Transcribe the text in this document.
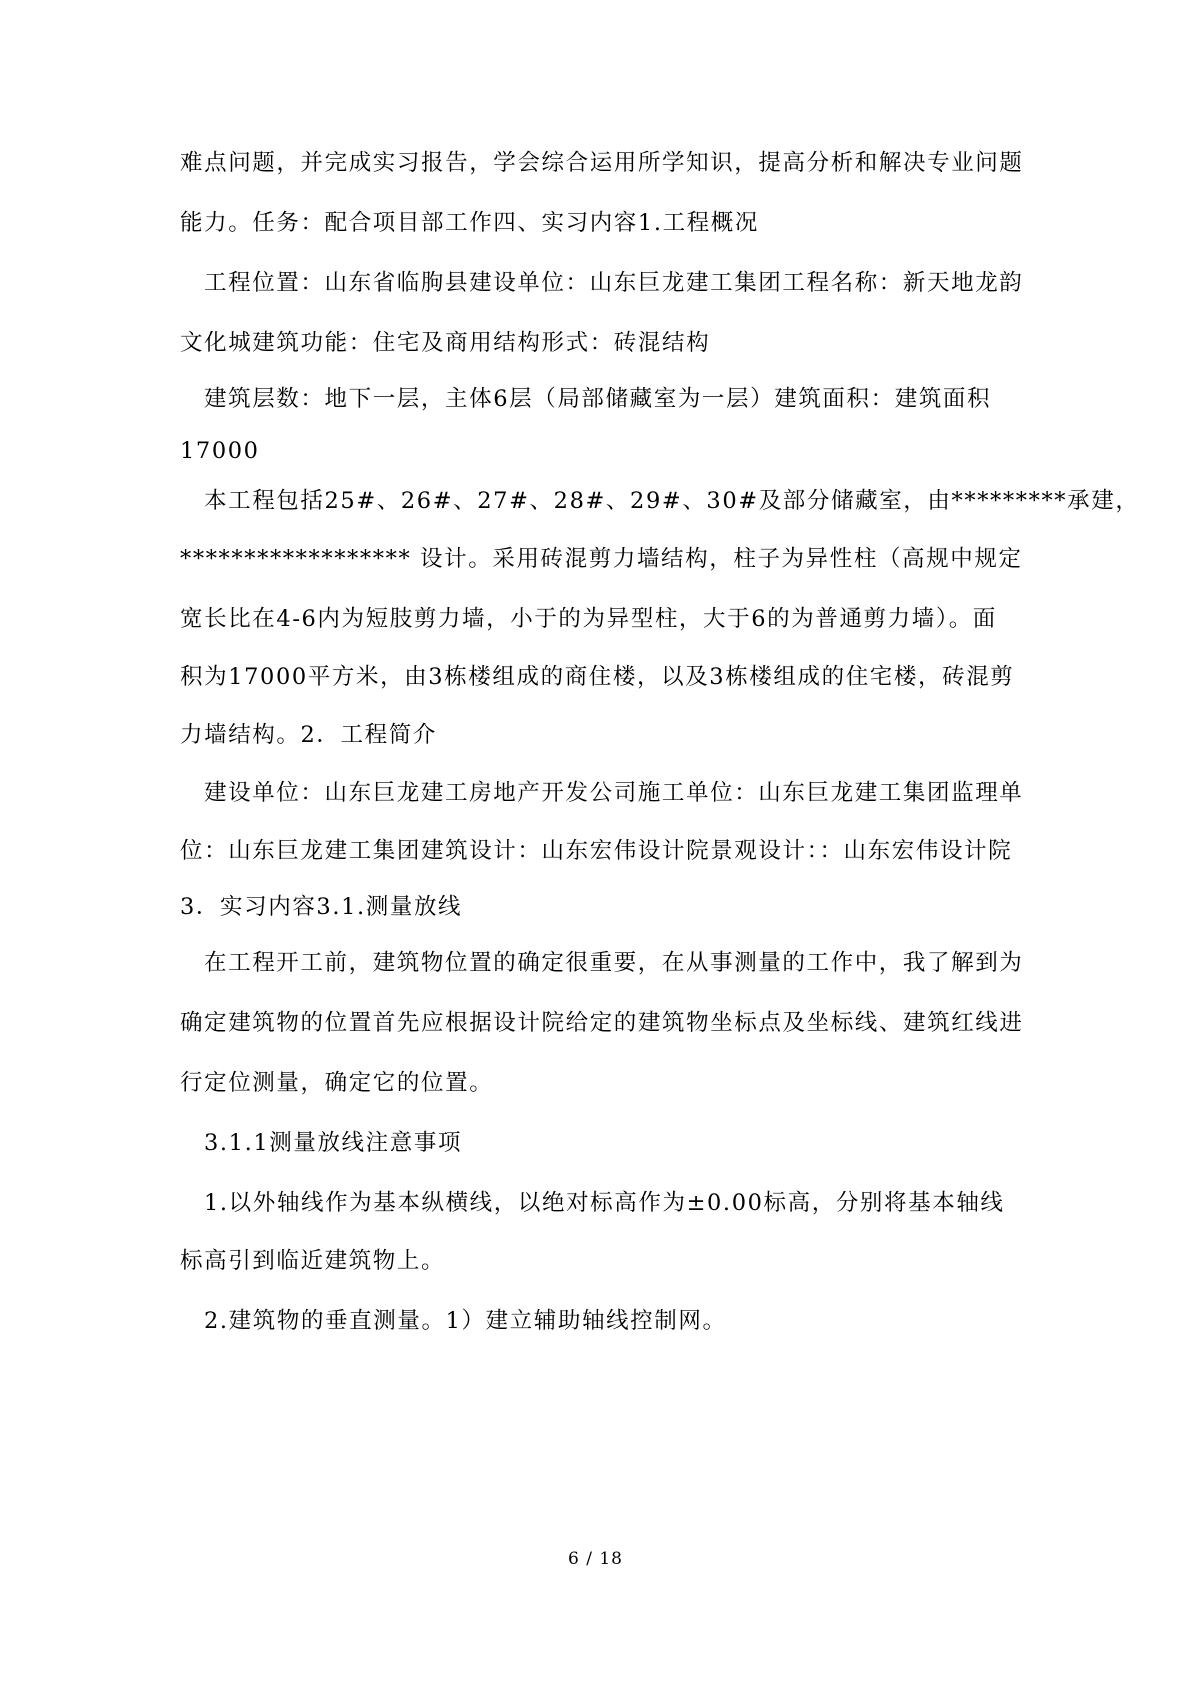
难点问题，并完成实习报告，学会综合运用所学知识，提高分析和解决专业问题
能力。任务：配合项目部工作四、实习内容1.工程概况
工程位置：山东省临朐县建设单位：山东巨龙建工集团工程名称：新天地龙韵
文化城建筑功能：住宅及商用结构形式：砖混结构
建筑层数：地下一层，主体6层（局部储藏室为一层）建筑面积：建筑面积
17000
本工程包括25#、26#、27#、28#、29#、30#及部分储藏室，由*********承建，
****************** 设计。采用砖混剪力墙结构，柱子为异性柱（高规中规定
宽长比在4-6内为短肢剪力墙，小于的为异型柱，大于6的为普通剪力墙）。面
积为17000平方米，由3栋楼组成的商住楼，以及3栋楼组成的住宅楼，砖混剪
力墙结构。2．工程简介
建设单位：山东巨龙建工房地产开发公司施工单位：山东巨龙建工集团监理单
位：山东巨龙建工集团建筑设计：山东宏伟设计院景观设计：：山东宏伟设计院
3．实习内容3.1.测量放线
在工程开工前，建筑物位置的确定很重要，在从事测量的工作中，我了解到为
确定建筑物的位置首先应根据设计院给定的建筑物坐标点及坐标线、建筑红线进
行定位测量，确定它的位置。
3.1.1测量放线注意事项
1.以外轴线作为基本纵横线，以绝对标高作为±0.00标高，分别将基本轴线
标高引到临近建筑物上。
2.建筑物的垂直测量。1）建立辅助轴线控制网。
6 / 18
